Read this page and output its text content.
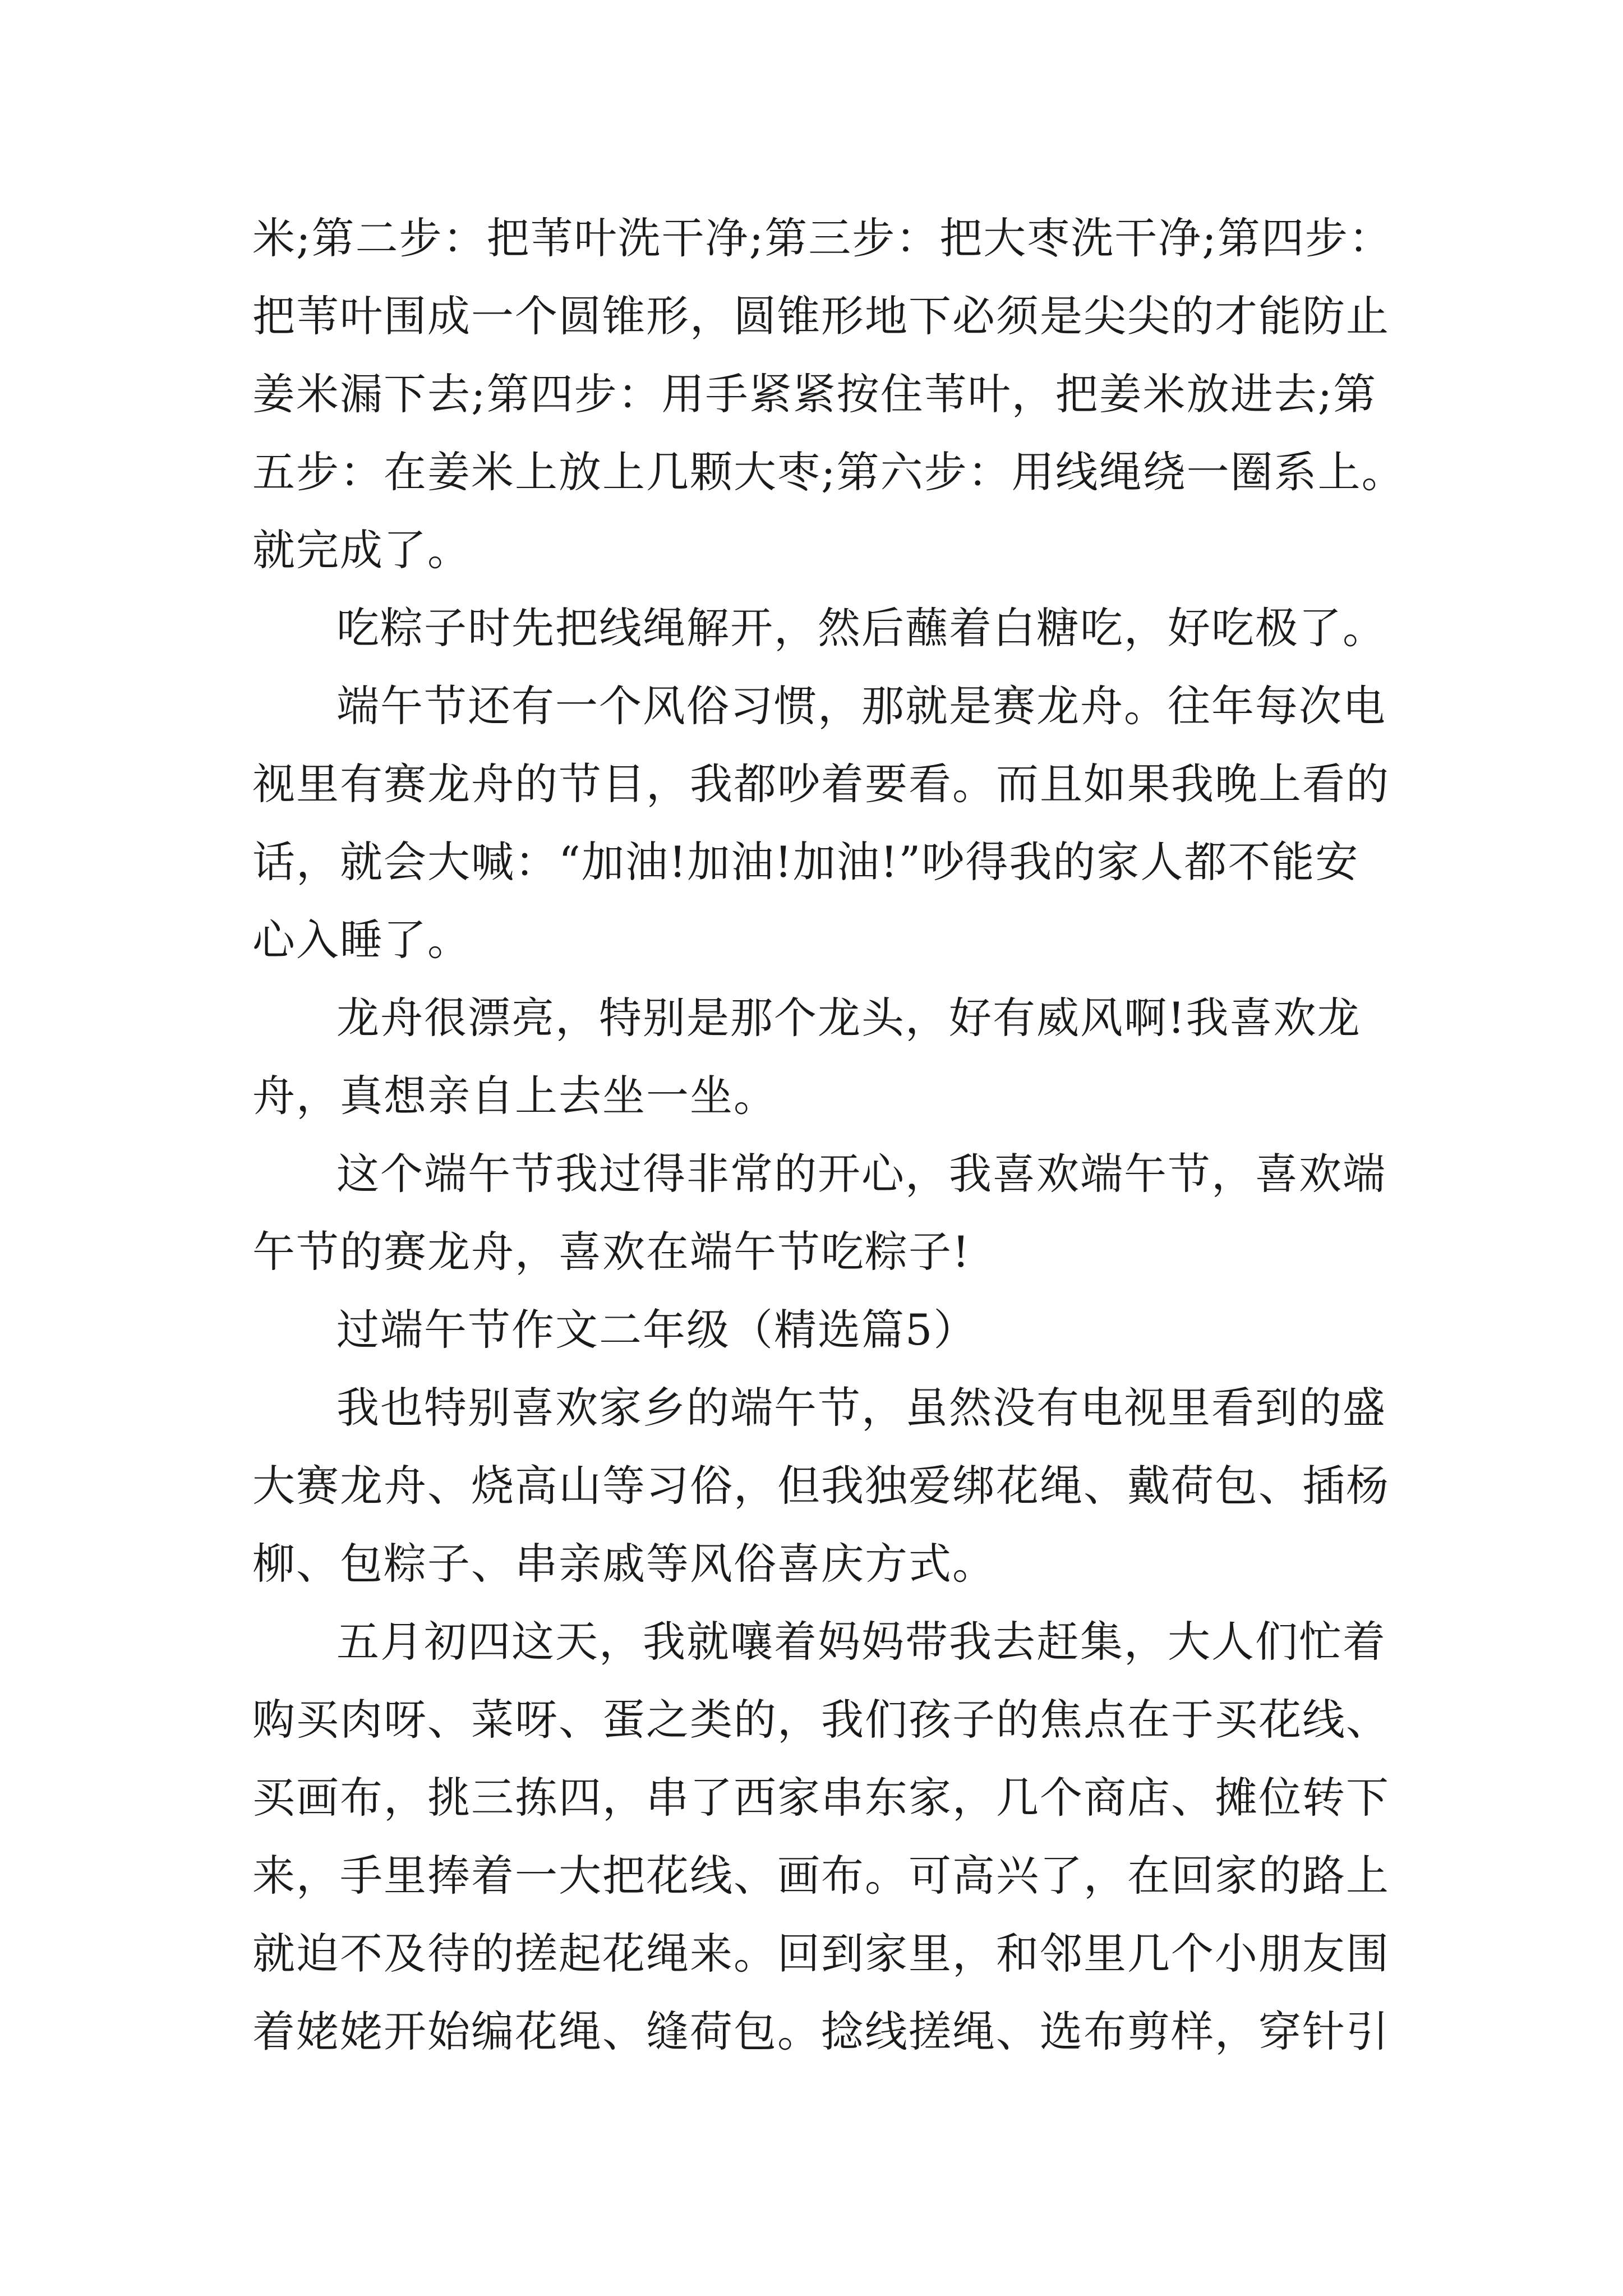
米;第二步：把苇叶洗干净;第三步：把大枣洗干净;第四步：
把苇叶围成一个圆锥形，圆锥形地下必须是尖尖的才能防止
姜米漏下去;第四步：用手紧紧按住苇叶，把姜米放进去;第
五步：在姜米上放上几颗大枣;第六步：用线绳绕一圈系上。
就完成了。
吃粽子时先把线绳解开，然后蘸着白糖吃，好吃极了。
端午节还有一个风俗习惯，那就是赛龙舟。往年每次电
视里有赛龙舟的节目，我都吵着要看。而且如果我晚上看的
话，就会大喊：“加油!加油!加油!”吵得我的家人都不能安
心入睡了。
龙舟很漂亮，特别是那个龙头，好有威风啊!我喜欢龙
舟，真想亲自上去坐一坐。
这个端午节我过得非常的开心，我喜欢端午节，喜欢端
午节的赛龙舟，喜欢在端午节吃粽子!
过端午节作文二年级（精选篇5）
我也特别喜欢家乡的端午节，虽然没有电视里看到的盛
大赛龙舟、烧高山等习俗，但我独爱绑花绳、戴荷包、插杨
柳、包粽子、串亲戚等风俗喜庆方式。
五月初四这天，我就嚷着妈妈带我去赶集，大人们忙着
购买肉呀、菜呀、蛋之类的，我们孩子的焦点在于买花线、
买画布，挑三拣四，串了西家串东家，几个商店、摊位转下
来，手里捧着一大把花线、画布。可高兴了，在回家的路上
就迫不及待的搓起花绳来。回到家里，和邻里几个小朋友围
着姥姥开始编花绳、缝荷包。捻线搓绳、选布剪样，穿针引
